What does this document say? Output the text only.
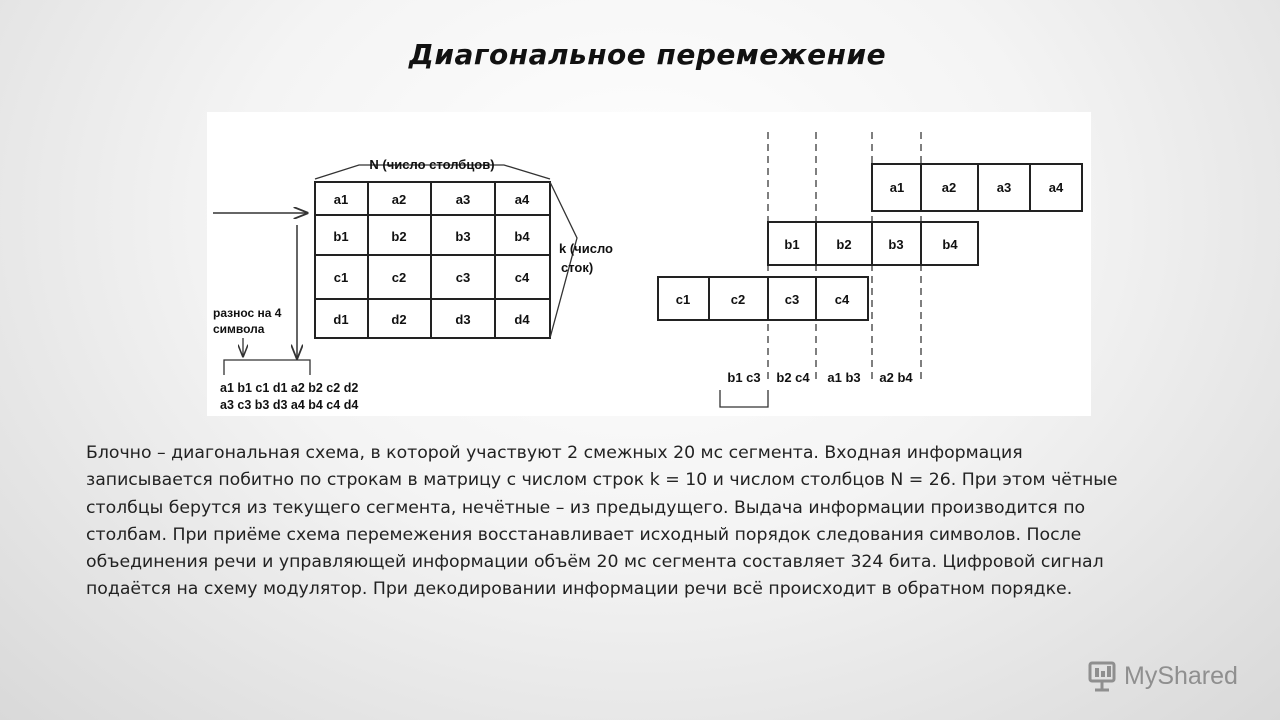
Диагональное перемежение
N (число столбцов)
a1	a2	a3	a4
b1	b2	b3	b4
c1	c2	c3	c4
d1	d2	d3	d4
k (число
сток)
разнос на 4
символа
a1 b1 c1 d1 a2 b2 c2 d2
a3 c3 b3 d3 a4 b4 c4 d4
a1	a2	a3	a4
b1	b2	b3	b4
c1	c2	c3	c4
b1 c3 b2 c4 a1 b3 a2 b4
Блочно – диагональная схема, в которой участвуют 2 смежных 20 мс сегмента. Входная информация
записывается побитно по строкам в матрицу с числом строк k = 10 и числом столбцов N = 26. При этом чётные
столбцы берутся из текущего сегмента, нечётные – из предыдущего. Выдача информации производится по
столбам. При приёме схема перемежения восстанавливает исходный порядок следования символов. После
объединения речи и управляющей информации объём 20 мс сегмента составляет 324 бита. Цифровой сигнал
подаётся на схему модулятор. При декодировании информации речи всё происходит в обратном порядке.
MyShared
